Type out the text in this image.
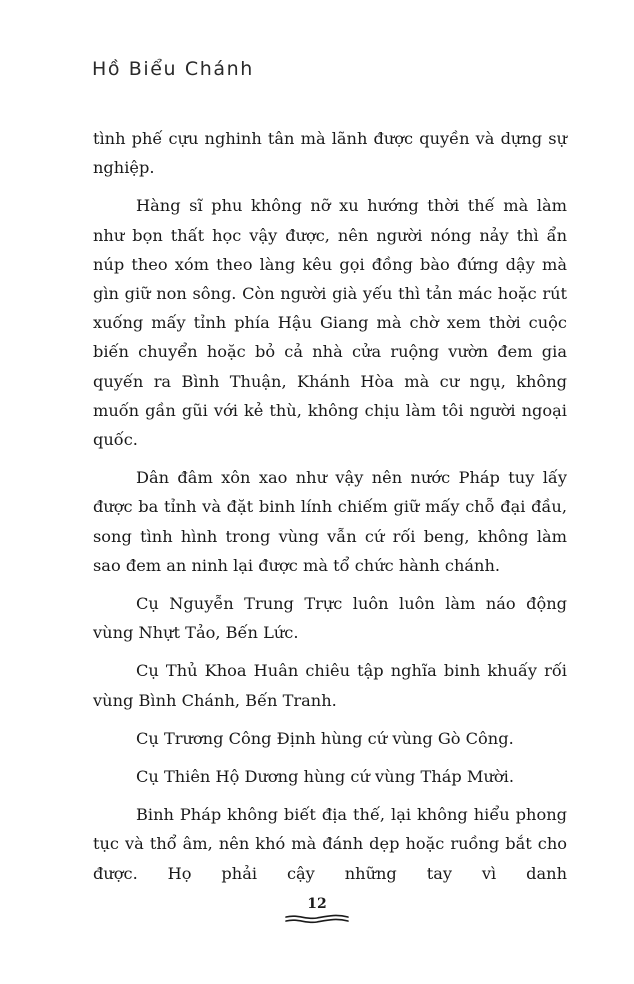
Hồ Biểu Chánh

tình phế cựu nghinh tân mà lãnh được quyền và dựng sự nghiệp.

Hàng sĩ phu không nỡ xu hướng thời thế mà làm như bọn thất học vậy được, nên người nóng nảy thì ẩn núp theo xóm theo làng kêu gọi đồng bào đứng dậy mà gìn giữ non sông. Còn người già yếu thì tản mác hoặc rút xuống mấy tỉnh phía Hậu Giang mà chờ xem thời cuộc biến chuyển hoặc bỏ cả nhà cửa ruộng vườn đem gia quyến ra Bình Thuận, Khánh Hòa mà cư ngụ, không muốn gần gũi với kẻ thù, không chịu làm tôi người ngoại quốc.

Dân đâm xôn xao như vậy nên nước Pháp tuy lấy được ba tỉnh và đặt binh lính chiếm giữ mấy chỗ đại đầu, song tình hình trong vùng vẫn cứ rối beng, không làm sao đem an ninh lại được mà tổ chức hành chánh.

Cụ Nguyễn Trung Trực luôn luôn làm náo động vùng Nhựt Tảo, Bến Lức.

Cụ Thủ Khoa Huân chiêu tập nghĩa binh khuấy rối vùng Bình Chánh, Bến Tranh.

Cụ Trương Công Định hùng cứ vùng Gò Công.

Cụ Thiên Hộ Dương hùng cứ vùng Tháp Mười.

Binh Pháp không biết địa thế, lại không hiểu phong tục và thổ âm, nên khó mà đánh dẹp hoặc ruồng bắt cho được. Họ phải cậy những tay vì danh

12
